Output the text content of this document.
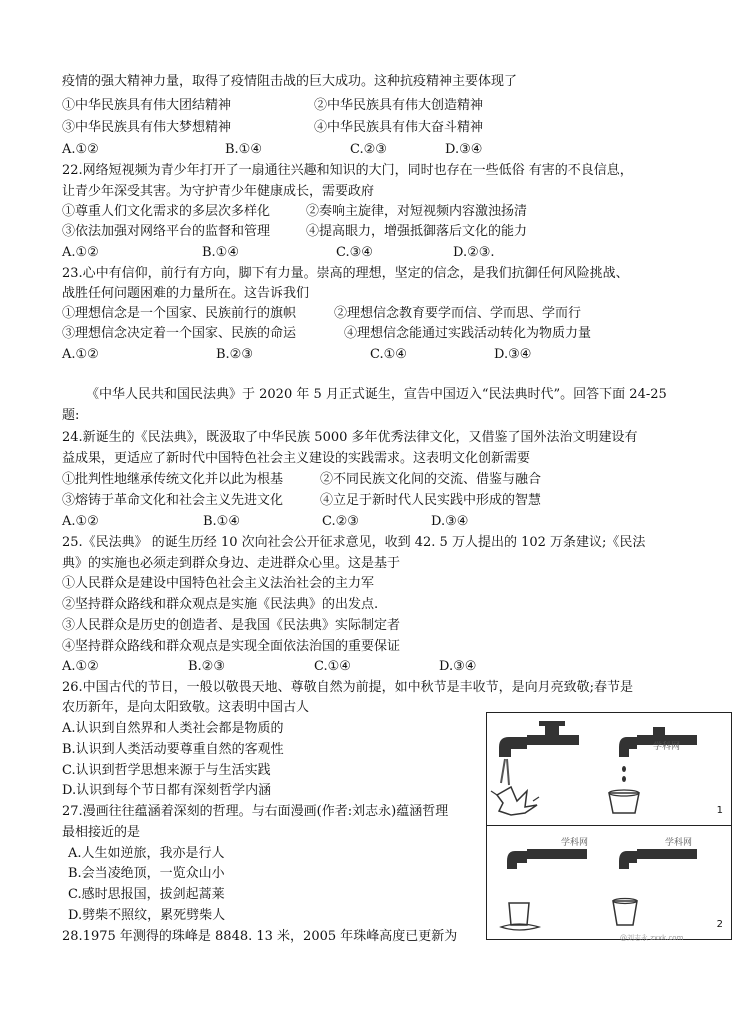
疫情的强大精神力量，取得了疫情阻击战的巨大成功。这种抗疫精神主要体现了
①中华民族具有伟大团结精神	②中华民族具有伟大创造精神
③中华民族具有伟大梦想精神	④中华民族具有伟大奋斗精神
A.①②	B.①④	C.②③	D.③④
22.网络短视频为青少年打开了一扇通往兴趣和知识的大门，同时也存在一些低俗 有害的不良信息，
让青少年深受其害。为守护青少年健康成长，需要政府
①尊重人们文化需求的多层次多样化	②奏响主旋律，对短视频内容激浊扬清
③依法加强对网络平台的监督和管理	④提高眼力，增强抵御落后文化的能力
A.①②	B.①④	C.③④	D.②③.
23.心中有信仰，前行有方向，脚下有力量。崇高的理想，坚定的信念，是我们抗御任何风险挑战、
战胜任何问题困难的力量所在。这告诉我们
①理想信念是一个国家、民族前行的旗帜	②理想信念教育要学而信、学而思、学而行
③理想信念决定着一个国家、民族的命运	④理想信念能通过实践活动转化为物质力量
A.①②	B.②③	C.①④	D.③④
《中华人民共和国民法典》于 2020 年 5 月正式诞生，宣告中国迈入“民法典时代”。回答下面 24-25
题:
24.新诞生的《民法典》，既汲取了中华民族 5000 多年优秀法律文化，又借鉴了国外法治文明建设有
益成果，更适应了新时代中国特色社会主义建设的实践需求。这表明文化创新需要
①批判性地继承传统文化并以此为根基	②不同民族文化间的交流、借鉴与融合
③熔铸于革命文化和社会主义先进文化	④立足于新时代人民实践中形成的智慧
A.①②	B.①④	C.②③	D.③④
25.《民法典》 的诞生历经 10 次向社会公开征求意见，收到 42. 5 万人提出的 102 万条建议;《民法
典》的实施也必须走到群众身边、走进群众心里。这是基于
①人民群众是建设中国特色社会主义法治社会的主力军
②坚持群众路线和群众观点是实施《民法典》的出发点.
③人民群众是历史的创造者、是我国《民法典》实际制定者
④坚持群众路线和群众观点是实现全面依法治国的重要保证
A.①②	B.②③	C.①④	D.③④
26.中国古代的节日，一般以敬畏天地、尊敬自然为前提，如中秋节是丰收节，是向月亮致敬;春节是
农历新年，是向太阳致敬。这表明中国古人
A.认识到自然界和人类社会都是物质的
B.认识到人类活动要尊重自然的客观性
C.认识到哲学思想来源于与生活实践
D.认识到每个节日都有深刻哲学内涵
27.漫画往往蕴涵着深刻的哲理。与右面漫画(作者:刘志永)蕴涵哲理
最相接近的是
A.人生如逆旅，我亦是行人
B.会当凌绝顶，一览众山小
C.感时思报国，拔剑起蒿莱
D.劈柴不照纹，累死劈柴人
28.1975 年测得的珠峰是 8848. 13 米，2005 年珠峰高度已更新为
1
学科网
2
学科网	学科网
@刘志永 zxxk.com
